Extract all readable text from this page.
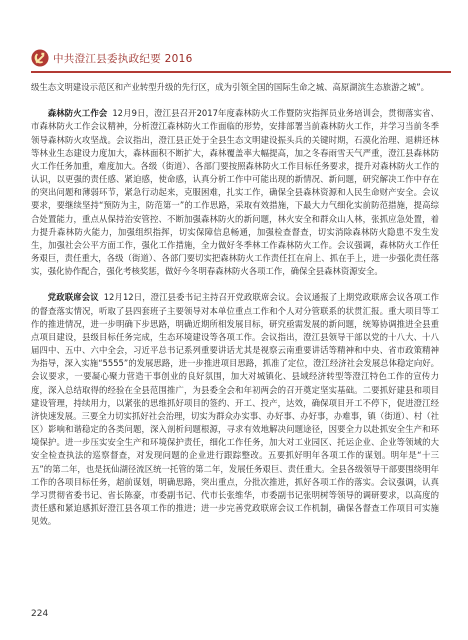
中共澄江县委执政纪要 2016

级生态文明建设示范区和产业转型升级的先行区，成为引领全国的国际生命之城、高原湖滨生态旅游之城”。

森林防火工作会 12月9日，澄江县召开2017年度森林防火工作暨防灾指挥员业务培训会，贯彻落实省、市森林防火工作会议精神，分析澄江森林防火工作面临的形势，安排部署当前森林防火工作，并学习当前冬季领导森林防火攻坚战。会议指出，澄江县正处于全县生态文明建设振头兵的关键时期，石漠化治理、退耕还林等林业生态建设力度加大，森林面积不断扩大，森林覆盖率大幅提高，加之冬春雨雪天气严重，澄江县森林防火工作任务加重，难度加大。各级（街道）、各部门要按照森林防火工作目标任务要求，提升对森林防火工作的认识，以更强的责任感、紧迫感，使命感，认真分析工作中可能出现的新情况、新问题，研究解决工作中存在的突出问题和薄弱环节，紧急行动起来，克服困难，扎实工作，确保全县森林资源和人民生命财产安全。会议要求，要继续坚持“预防为主，防范第一”的工作思路，采取有效措施，下最大力气细化实前防范措施，提高综合处置能力，重点从保持治安管控、不断加强森林防火的新问题，林火安全和群众山人林，张抓应急处置，着力提升森林防火能力，加强组织指挥，切实保障信息畅通，加强检查督查，切实消除森林防火隐患不发生发生，加强社会公平方面工作，强化工作措施，全力做好冬季林工作森林防火工作。会议强调，森林防火工作任务艰巨，责任重大，各级（街道）、各部门要切实把森林防火工作责任扛在肩上、抓在手上，进一步强化责任落实，强化协作配合，强化考核奖惩，做好今冬明春森林防火各项工作，确保全县森林资源安全。

党政联席会议 12月12日，澄江县委书记主持召开党政联席会议。会议通报了上期党政联席会议各项工作的督查落实情况，听取了县四套班子主要领导对本单位重点工作和个人对分管联系的状贯汇报。重大项目等工作的推进情况，进一步明确下步思路，明确近期所相发展目标，研究亟需发展的新问题，统筹协调推进全县重点项目建设，县级目标任务完成，生态环境建设等各项工作。会议指出，澄江县领导干部以党的十八大、十八届四中、五中、六中全会，习近平总书记系列重要讲话尤其是视察云南重要讲话等精神和中央、省市政策精神为指导，深入实施“5555”的发展思路，进一步推进项目思路，抓准了定位，澄江经济社会发展总体稳定向好。会议要求，一要凝心聚力营造干事创业的良好氛围，加大对城镇化、县域经济转型等澄江特色工作的宣传力度，深入总结取得的经验在全县范围推广，为县委全会和年初两会的召开奠定坚实基础。二要抓好建县和项目建设管理，持续用力，以紧张的思维抓好项目的签约、开工、投产，达效，确保项目开工不停下，促进澄江经济快速发展。三要全力切实抓好社会治理，切实为群众办实事、办好事、办好事，办难事，镇（街道）、村（社区）影响和谐稳定的各类问题，深入剖析问题根源，寻求有效地解决问题途径，因要全力以赴抓安全生产和环境保护。进一步压实安全生产和环境保护责任，细化工作任务，加大对工业园区、托运企业、企业等领域的大安全检查执法的巡察督查，对发现问题的企业进行跟踪整改。五要抓好明年各项工作的谋划。明年是“十三五”的第二年，也是抚仙湖径流区统一托管的第二年，发展任务艰巨、责任重大。全县各级领导干部要围绕明年工作的各项目标任务，超前谋划，明确思路，突出重点，分批次推进，抓好各项工作的落实。会议强调，认真学习贯彻省委书记、省长陈豪，市委副书记、代市长张维华，市委副书记张明树等领导的调研要求，以高度的责任感和紧迫感抓好澄江县各项工作的推进；进一步完善党政联席会议工作机制，确保各督查工作项目可实施见效。

224
